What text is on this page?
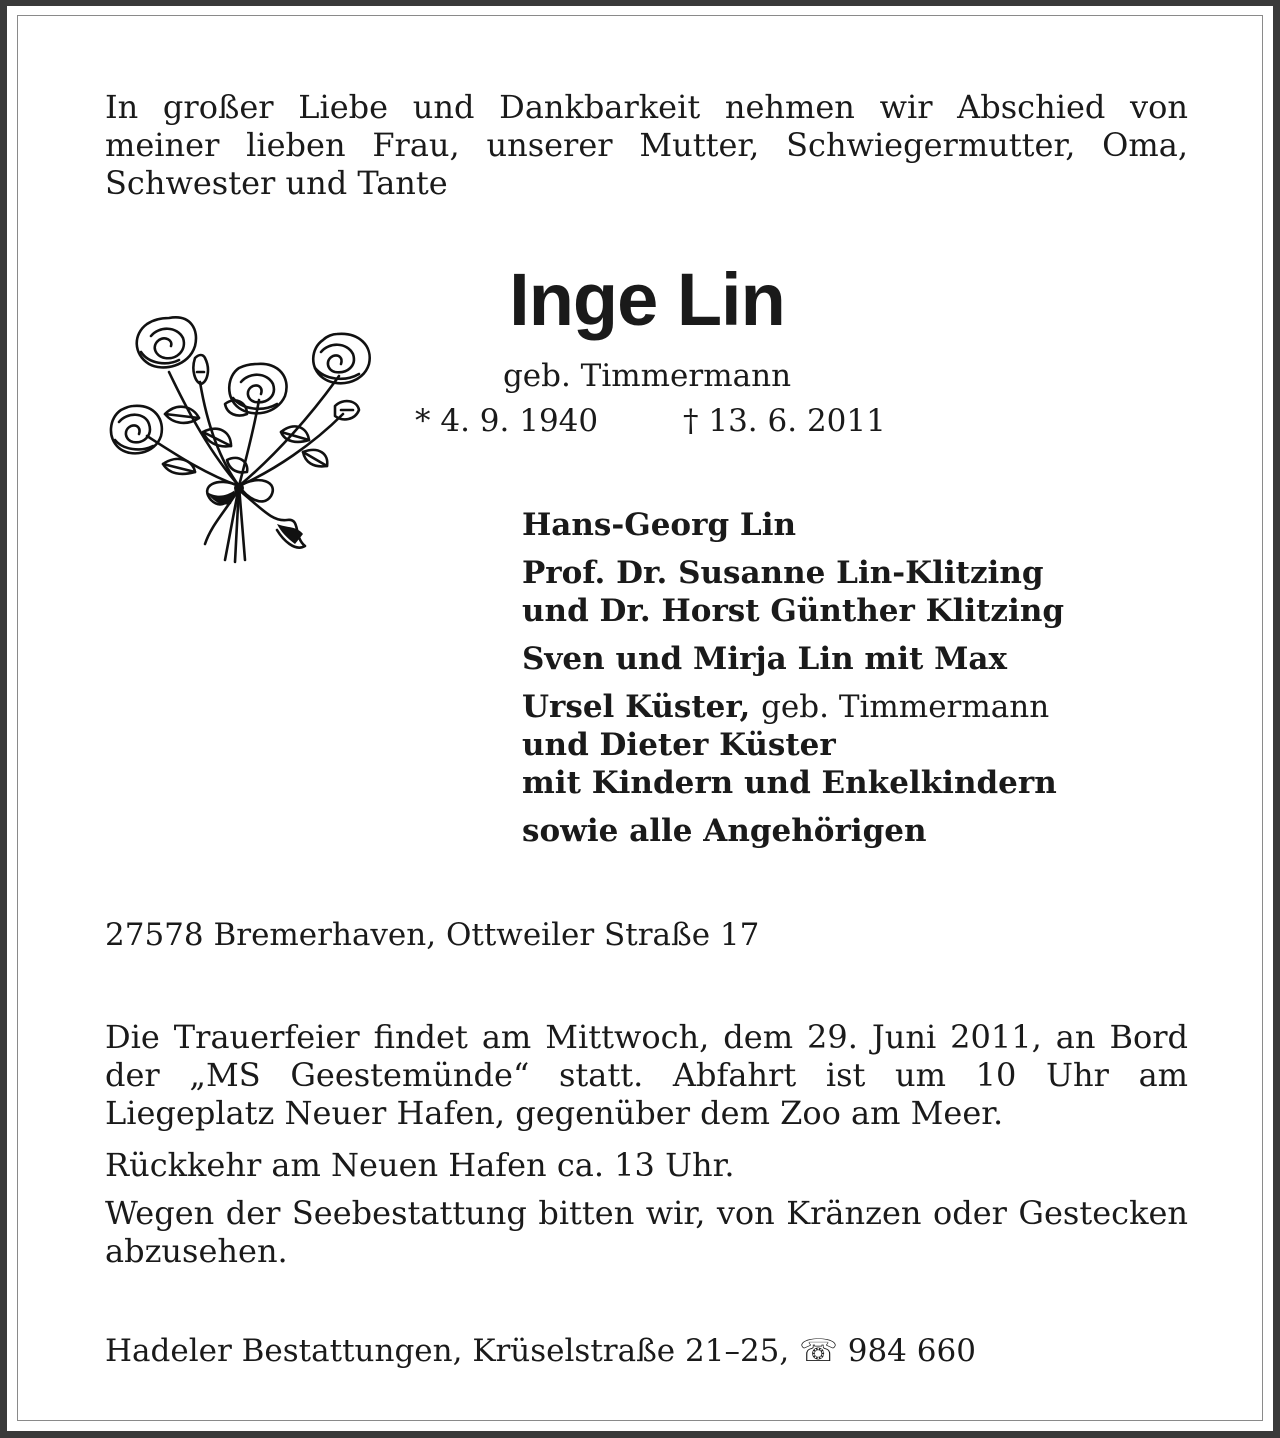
In großer Liebe und Dankbarkeit nehmen wir Abschied von meiner lieben Frau, unserer Mutter, Schwiegermutter, Oma, Schwester und Tante

Inge Lin

geb. Timmermann

* 4. 9. 1940	† 13. 6. 2011

Hans-Georg Lin
Prof. Dr. Susanne Lin-Klitzing
und Dr. Horst Günther Klitzing
Sven und Mirja Lin mit Max
Ursel Küster, geb. Timmermann
und Dieter Küster
mit Kindern und Enkelkindern
sowie alle Angehörigen

27578 Bremerhaven, Ottweiler Straße 17

Die Trauerfeier findet am Mittwoch, dem 29. Juni 2011, an Bord der „MS Geestemünde“ statt. Abfahrt ist um 10 Uhr am Liegeplatz Neuer Hafen, gegenüber dem Zoo am Meer.

Rückkehr am Neuen Hafen ca. 13 Uhr.

Wegen der Seebestattung bitten wir, von Kränzen oder Gestecken abzusehen.

Hadeler Bestattungen, Krüselstraße 21–25, ☏ 984 660
